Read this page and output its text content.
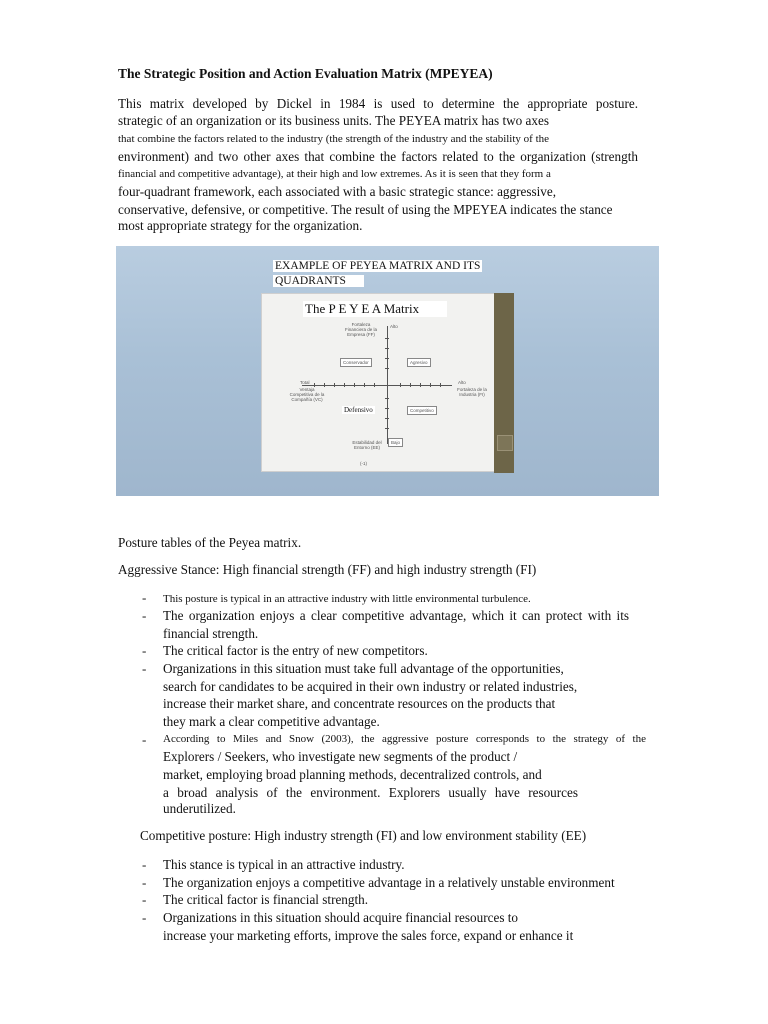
The Strategic Position and Action Evaluation Matrix (MPEYEA)
This matrix developed by Dickel in 1984 is used to determine the appropriate posture.
strategic of an organization or its business units. The PEYEA matrix has two axes
that combine the factors related to the industry (the strength of the industry and the stability of the
environment) and two other axes that combine the factors related to the organization (strength
financial and competitive advantage), at their high and low extremes. As it is seen that they form a
four-quadrant framework, each associated with a basic strategic stance: aggressive,
conservative, defensive, or competitive. The result of using the MPEYEA indicates the stance
most appropriate strategy for the organization.
EXAMPLE OF PEYEA MATRIX AND ITS
QUADRANTS
Fortaleza Financiera de la Empresa (FF)
Alto
Alto
Fortaleza de la Industria (FI)
Total
Ventaja Competitiva de la Compañía (VC)
Estabilidad del Entorno (EE)
(-1)
Conservador	Agresivo
Defensivo	Competitivo
Bajo
The P E Y E A Matrix
Posture tables of the Peyea matrix.
Aggressive Stance: High financial strength (FF) and high industry strength (FI)
- This posture is typical in an attractive industry with little environmental turbulence.
- The organization enjoys a clear competitive advantage, which it can protect with its
financial strength.
- The critical factor is the entry of new competitors.
- Organizations in this situation must take full advantage of the opportunities,
search for candidates to be acquired in their own industry or related industries,
increase their market share, and concentrate resources on the products that
they mark a clear competitive advantage.
- According to Miles and Snow (2003), the aggressive posture corresponds to the strategy of the
Explorers / Seekers, who investigate new segments of the product /
market, employing broad planning methods, decentralized controls, and
a broad analysis of the environment. Explorers usually have resources
underutilized.
Competitive posture: High industry strength (FI) and low environment stability (EE)
- This stance is typical in an attractive industry.
- The organization enjoys a competitive advantage in a relatively unstable environment
- The critical factor is financial strength.
- Organizations in this situation should acquire financial resources to
increase your marketing efforts, improve the sales force, expand or enhance it
